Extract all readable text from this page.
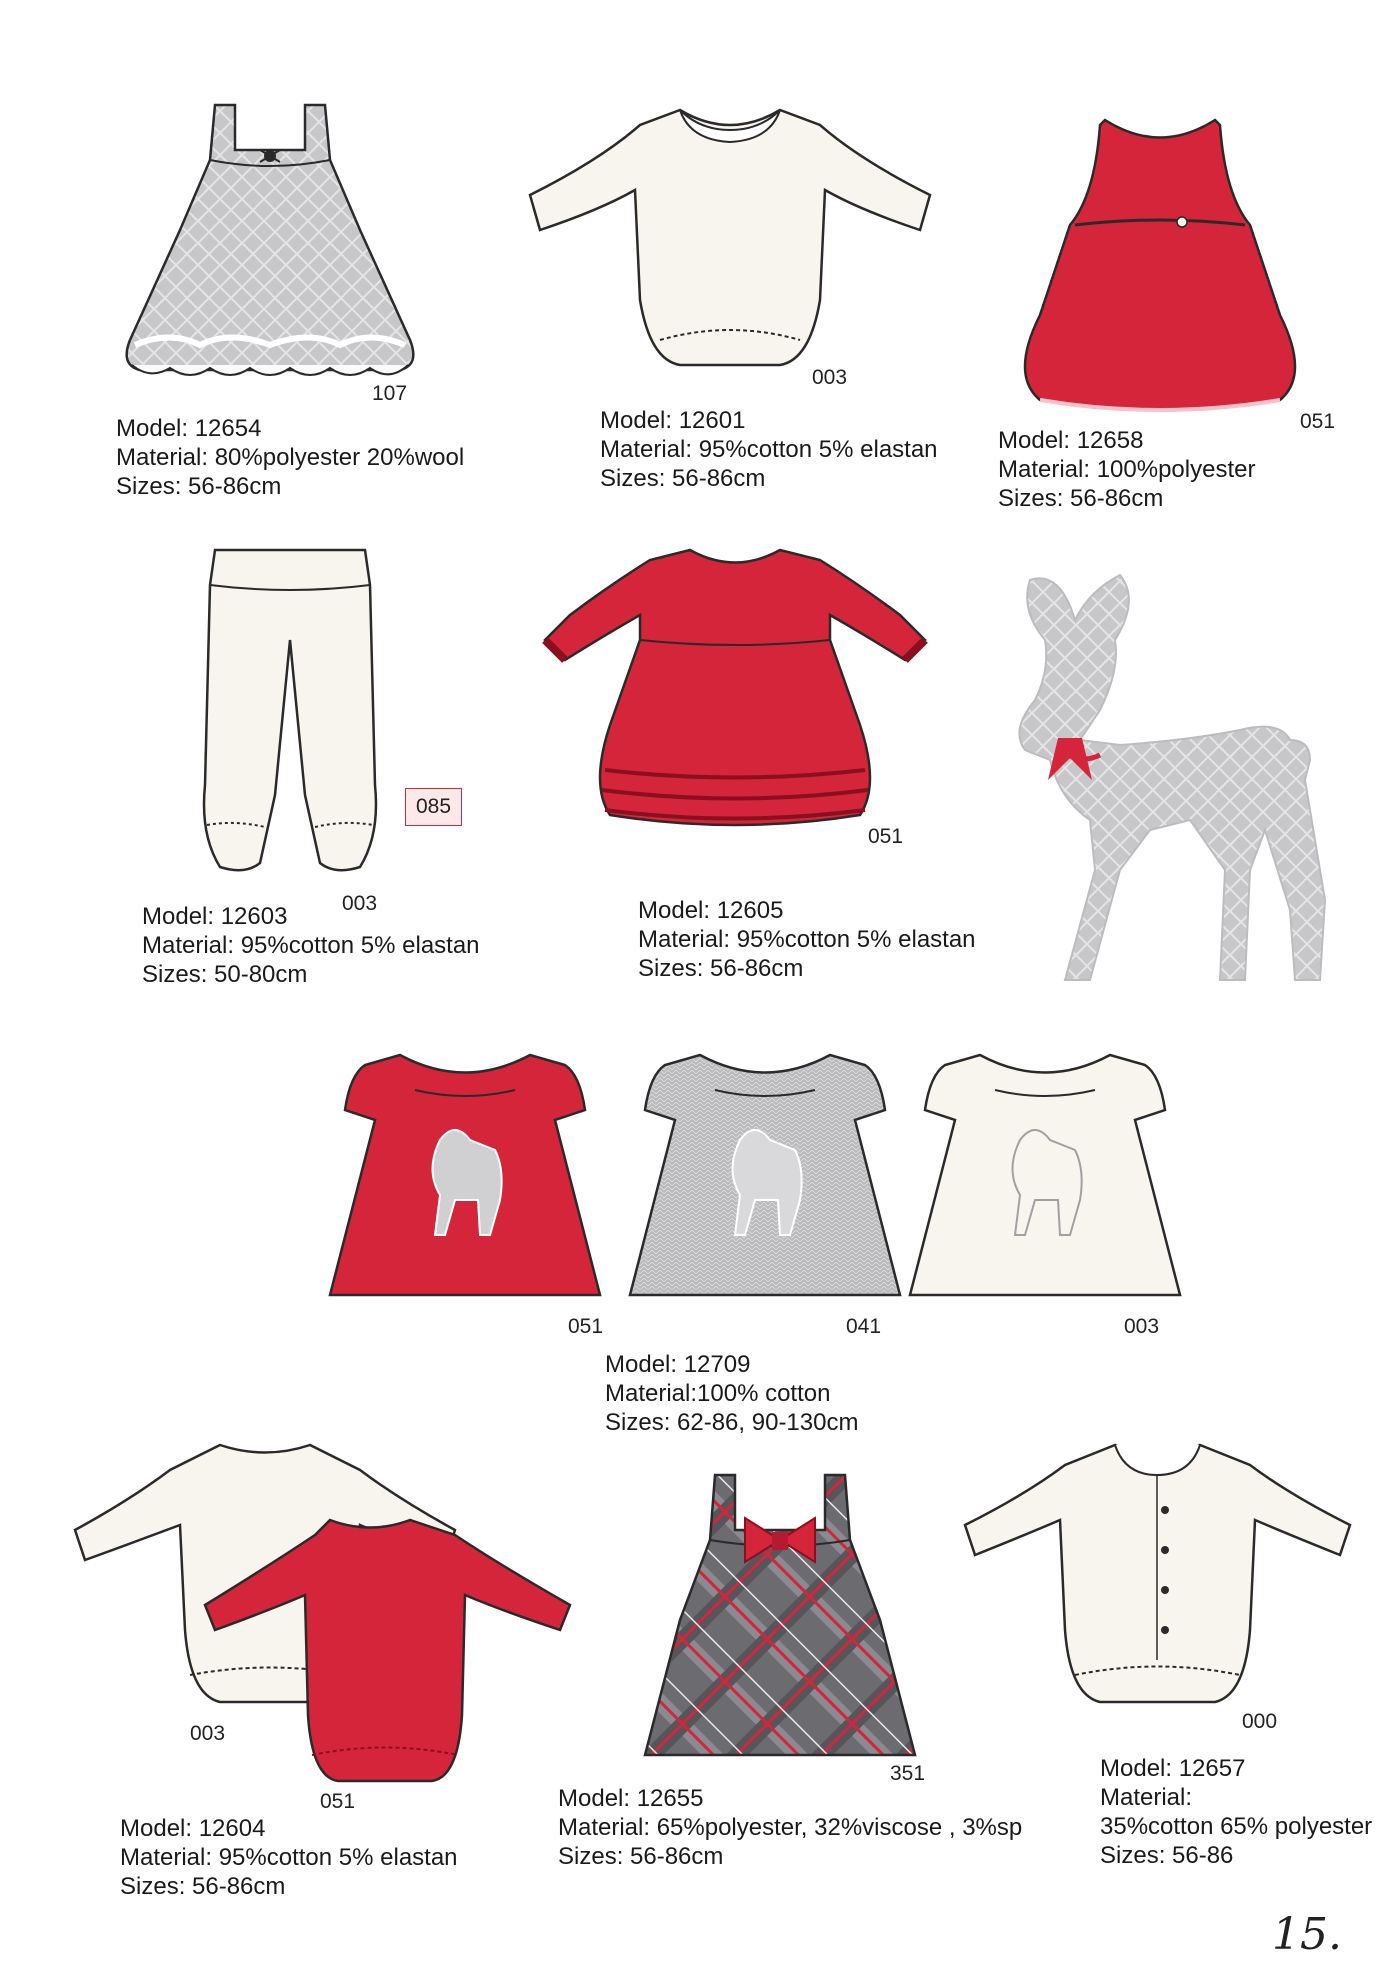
107
Model: 12654
Material: 80%polyester 20%wool
Sizes: 56-86cm
003
Model: 12601
Material: 95%cotton 5% elastan
Sizes: 56-86cm
051
Model: 12658
Material: 100%polyester
Sizes: 56-86cm
003
085
Model: 12603
Material: 95%cotton 5% elastan
Sizes: 50-80cm
051
Model: 12605
Material: 95%cotton 5% elastan
Sizes: 56-86cm
051	041	003
Model: 12709
Material:100% cotton
Sizes: 62-86, 90-130cm
003
051
Model: 12604
Material: 95%cotton 5% elastan
Sizes: 56-86cm
351
Model: 12655
Material: 65%polyester, 32%viscose , 3%sp
Sizes: 56-86cm
000
Model: 12657
Material:
35%cotton 65% polyester
Sizes: 56-86
15.
